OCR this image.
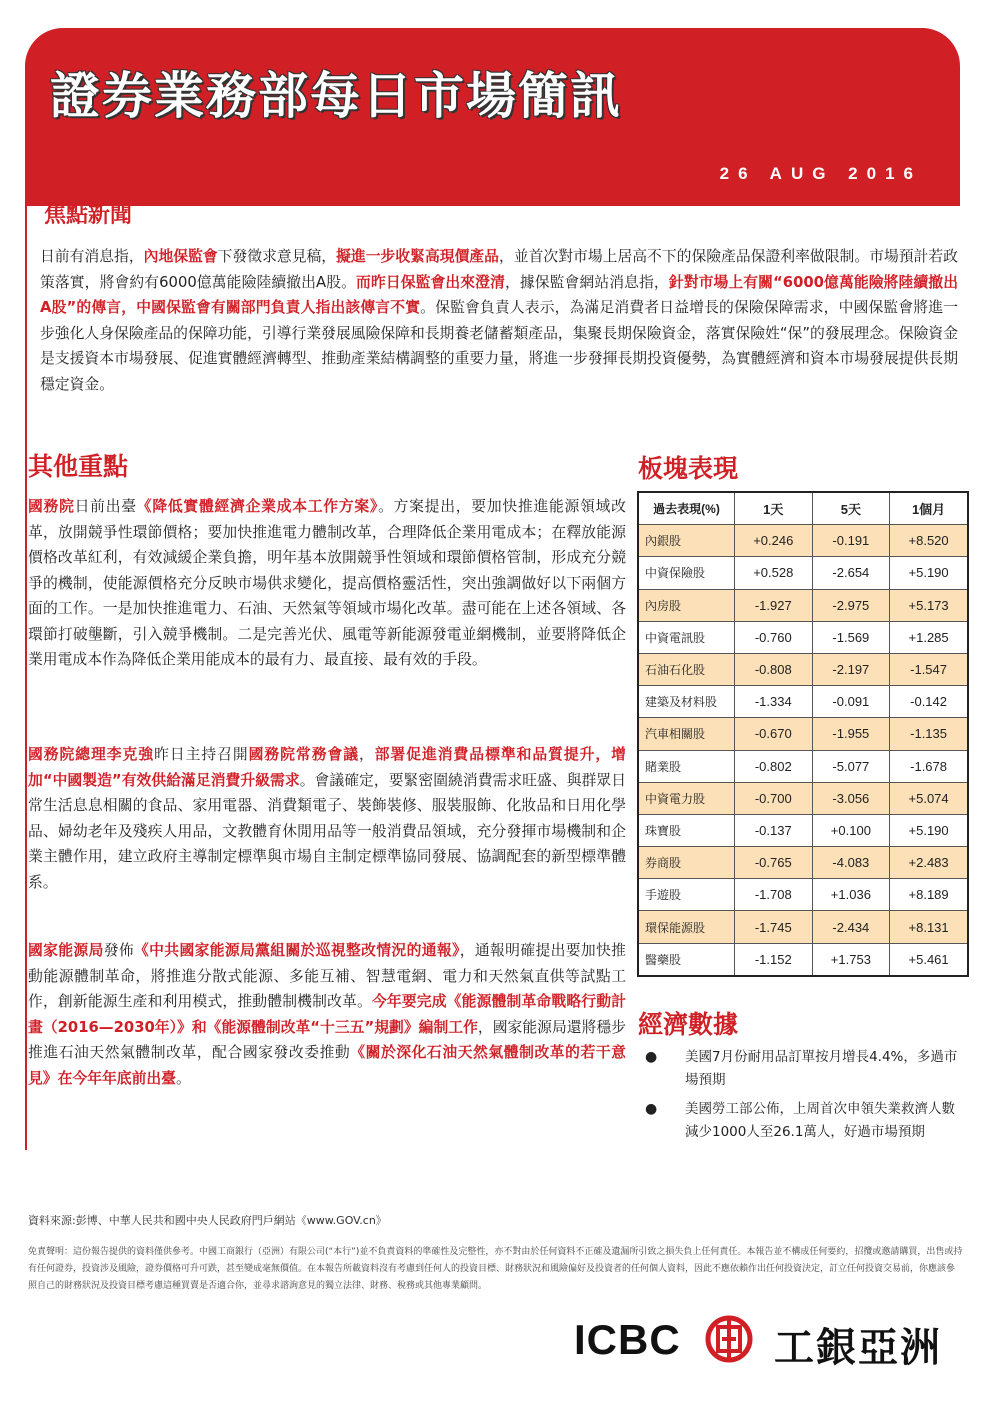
證券業務部每日市場簡訊
26 AUG 2016
焦點新聞
日前有消息指，內地保監會下發徵求意見稿，擬進一步收緊高現價產品，並首次對市場上居高不下的保險產品保證利率做限制。市場預計若政策落實，將會約有6000億萬能險陸續撤出A股。而昨日保監會出來澄清，據保監會網站消息指，針對市場上有關“6000億萬能險將陸續撤出A股”的傳言，中國保監會有關部門負責人指出該傳言不實。保監會負責人表示，為滿足消費者日益增長的保險保障需求，中國保監會將進一步強化人身保險產品的保障功能，引導行業發展風險保障和長期養老儲蓄類產品，集聚長期保險資金，落實保險姓“保”的發展理念。保險資金是支援資本市場發展、促進實體經濟轉型、推動產業結構調整的重要力量，將進一步發揮長期投資優勢，為實體經濟和資本市場發展提供長期穩定資金。
其他重點
國務院日前出臺《降低實體經濟企業成本工作方案》。方案提出，要加快推進能源領域改革，放開競爭性環節價格；要加快推進電力體制改革，合理降低企業用電成本；在釋放能源價格改革紅利，有效減緩企業負擔，明年基本放開競爭性領域和環節價格管制，形成充分競爭的機制，使能源價格充分反映市場供求變化，提高價格靈活性，突出強調做好以下兩個方面的工作。一是加快推進電力、石油、天然氣等領域市場化改革。盡可能在上述各領域、各環節打破壟斷，引入競爭機制。二是完善光伏、風電等新能源發電並網機制，並要將降低企業用電成本作為降低企業用能成本的最有力、最直接、最有效的手段。
國務院總理李克強昨日主持召開國務院常務會議，部署促進消費品標準和品質提升，增加“中國製造”有效供給滿足消費升級需求。會議確定，要緊密圍繞消費需求旺盛、與群眾日常生活息息相關的食品、家用電器、消費類電子、裝飾裝修、服裝服飾、化妝品和日用化學品、婦幼老年及殘疾人用品，文教體育休閒用品等一般消費品領域，充分發揮市場機制和企業主體作用，建立政府主導制定標準與市場自主制定標準協同發展、協調配套的新型標準體系。
國家能源局發佈《中共國家能源局黨組關於巡視整改情況的通報》，通報明確提出要加快推動能源體制革命，將推進分散式能源、多能互補、智慧電網、電力和天然氣直供等試點工作，創新能源生產和利用模式，推動體制機制改革。今年要完成《能源體制革命戰略行動計畫（2016—2030年）》和《能源體制改革“十三五”規劃》編制工作，國家能源局還將穩步推進石油天然氣體制改革，配合國家發改委推動《關於深化石油天然氣體制改革的若干意見》在今年年底前出臺。
板塊表現
過去表現(%)	1天	5天	1個月
內銀股	+0.246	-0.191	+8.520
中資保險股	+0.528	-2.654	+5.190
內房股	-1.927	-2.975	+5.173
中資電訊股	-0.760	-1.569	+1.285
石油石化股	-0.808	-2.197	-1.547
建築及材料股	-1.334	-0.091	-0.142
汽車相關股	-0.670	-1.955	-1.135
賭業股	-0.802	-5.077	-1.678
中資電力股	-0.700	-3.056	+5.074
珠寶股	-0.137	+0.100	+5.190
券商股	-0.765	-4.083	+2.483
手遊股	-1.708	+1.036	+8.189
環保能源股	-1.745	-2.434	+8.131
醫藥股	-1.152	+1.753	+5.461
經濟數據
● 美國7月份耐用品訂單按月增長4.4%，多過市場預期
● 美國勞工部公佈，上周首次申領失業救濟人數減少1000人至26.1萬人，好過市場預期
資料來源:彭博、中華人民共和國中央人民政府門戶網站《www.GOV.cn》
免責聲明：這份報告提供的資料僅供參考。中國工商銀行（亞洲）有限公司(“本行”)並不負責資料的準確性及完整性，亦不對由於任何資料不正確及遺漏所引致之損失負上任何責任。本報告並不構成任何要約，招攬或邀請購買，出售或持有任何證券，投資涉及風險，證券價格可升可跌，甚至變成毫無價值。在本報告所載資料沒有考慮到任何人的投資目標、財務狀況和風險偏好及投資者的任何個人資料，因此不應依賴作出任何投資決定，訂立任何投資交易前，你應該參照自己的財務狀況及投資目標考慮這種買賣是否適合你，並尋求諮詢意見的獨立法律、財務、稅務或其他專業顧問。
ICBC 工銀亞洲
